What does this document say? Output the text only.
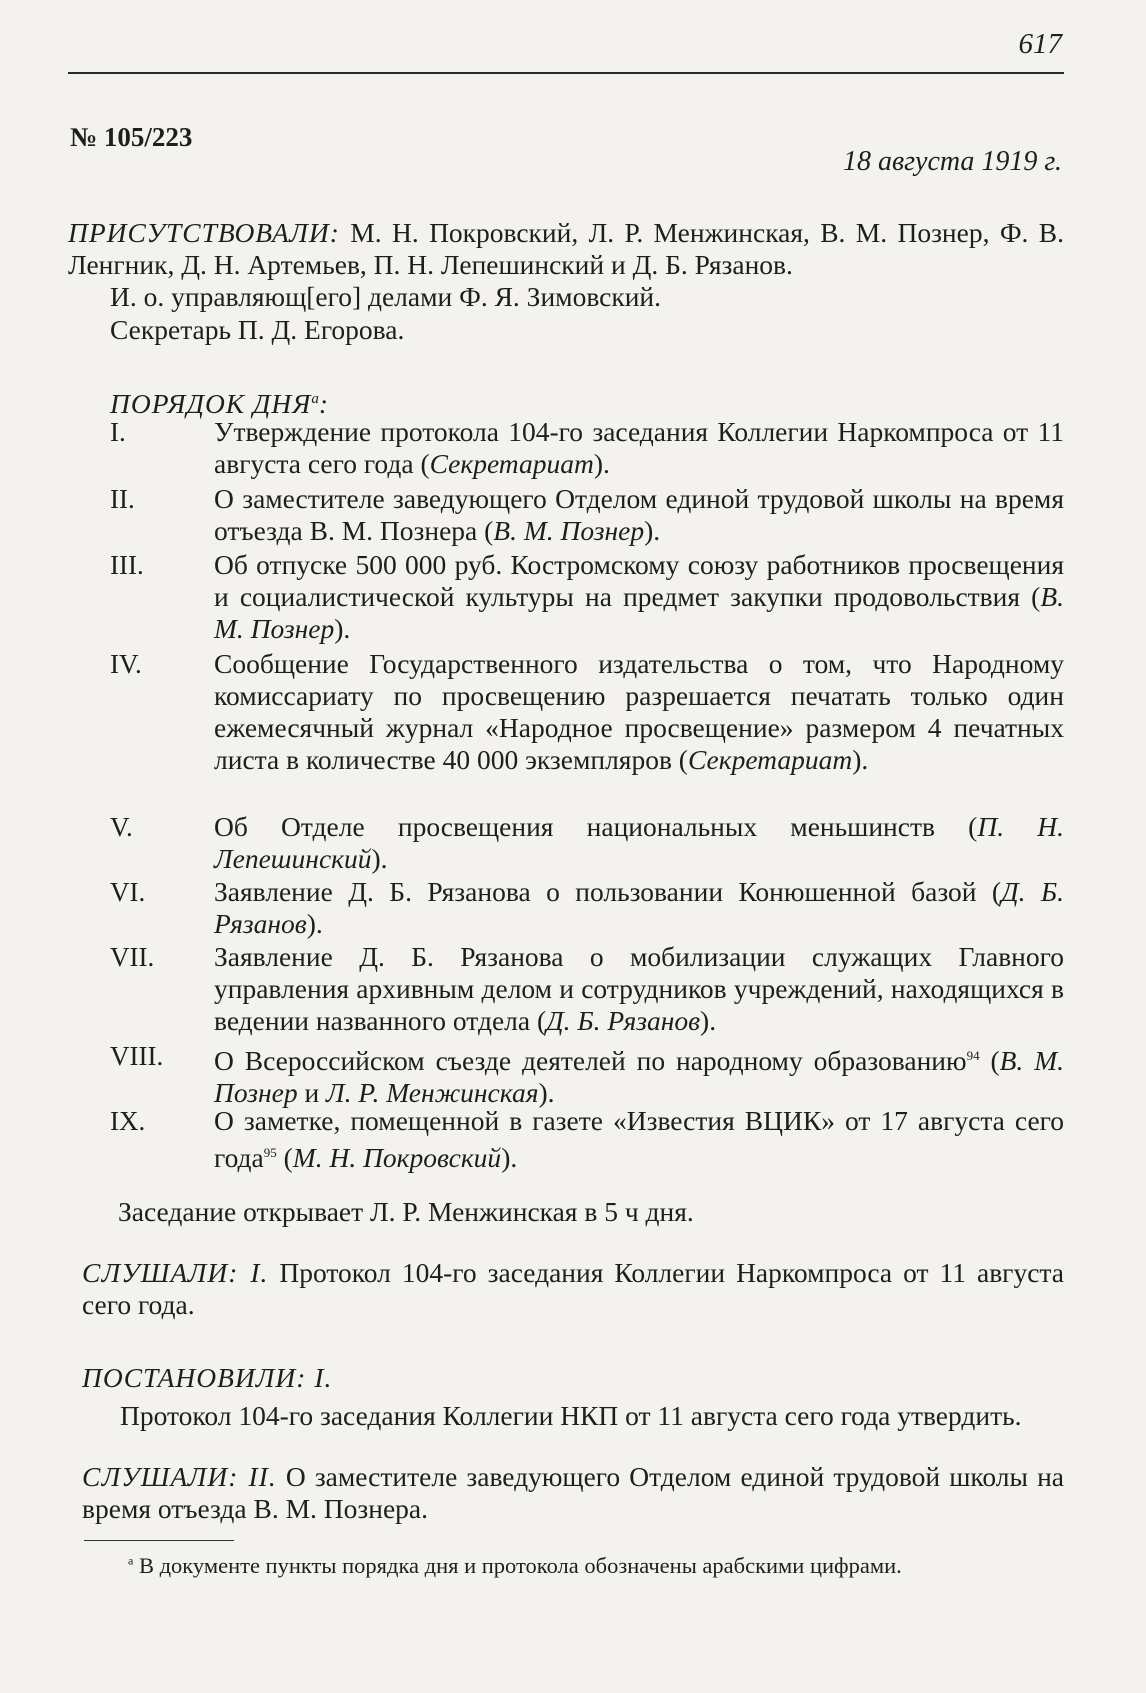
617
№ 105/223
18 августа 1919 г.
ПРИСУТСТВОВАЛИ: М. Н. Покровский, Л. Р. Менжинская, В. М. Познер, Ф. В. Ленгник, Д. Н. Артемьев, П. Н. Лепешинский и Д. Б. Рязанов.
И. о. управляющ[его] делами Ф. Я. Зимовский.
Секретарь П. Д. Егорова.
ПОРЯДОК $ДНЯ^а$:
I.	Утверждение протокола 104-го заседания Коллегии Наркомпроса от 11 августа сего года (Секретариат).
II.	О заместителе заведующего Отделом единой трудовой школы на время отъезда В. М. Познера (В. М. Познер).
III.	Об отпуске 500 000 руб. Костромскому союзу работников просвещения и социалистической культуры на предмет закупки продовольствия (В. М. Познер).
IV.	Сообщение Государственного издательства о том, что Народному комиссариату по просвещению разрешается печатать только один ежемесячный журнал «Народное просвещение» размером 4 печатных листа в количестве 40 000 экземпляров (Секретариат).
V.	Об Отделе просвещения национальных меньшинств (П. Н. Лепешинский).
VI.	Заявление Д. Б. Рязанова о пользовании Конюшенной базой (Д. Б. Рязанов).
VII. Заявление Д. Б. Рязанова о мобилизации служащих Главного управления архивным делом и сотрудников учреждений, находящихся в ведении названного отдела (Д. Б. Рязанов).
VIII. О Всероссийском съезде деятелей по народному образованию$^{94}$ (В. М. Познер и Л. Р. Менжинская).
IX.	О заметке, помещенной в газете «Известия ВЦИК» от 17 августа сего года$^{95}$ (М. Н. Покровский).
Заседание открывает Л. Р. Менжинская в 5 ч дня.
СЛУШАЛИ: I. Протокол 104-го заседания Коллегии Наркомпроса от 11 августа сего года.
ПОСТАНОВИЛИ: I.
Протокол 104-го заседания Коллегии НКП от 11 августа сего года утвердить.
СЛУШАЛИ: II. О заместителе заведующего Отделом единой трудовой школы на время отъезда В. М. Познера.
$^а$ В документе пункты порядка дня и протокола обозначены арабскими цифрами.
